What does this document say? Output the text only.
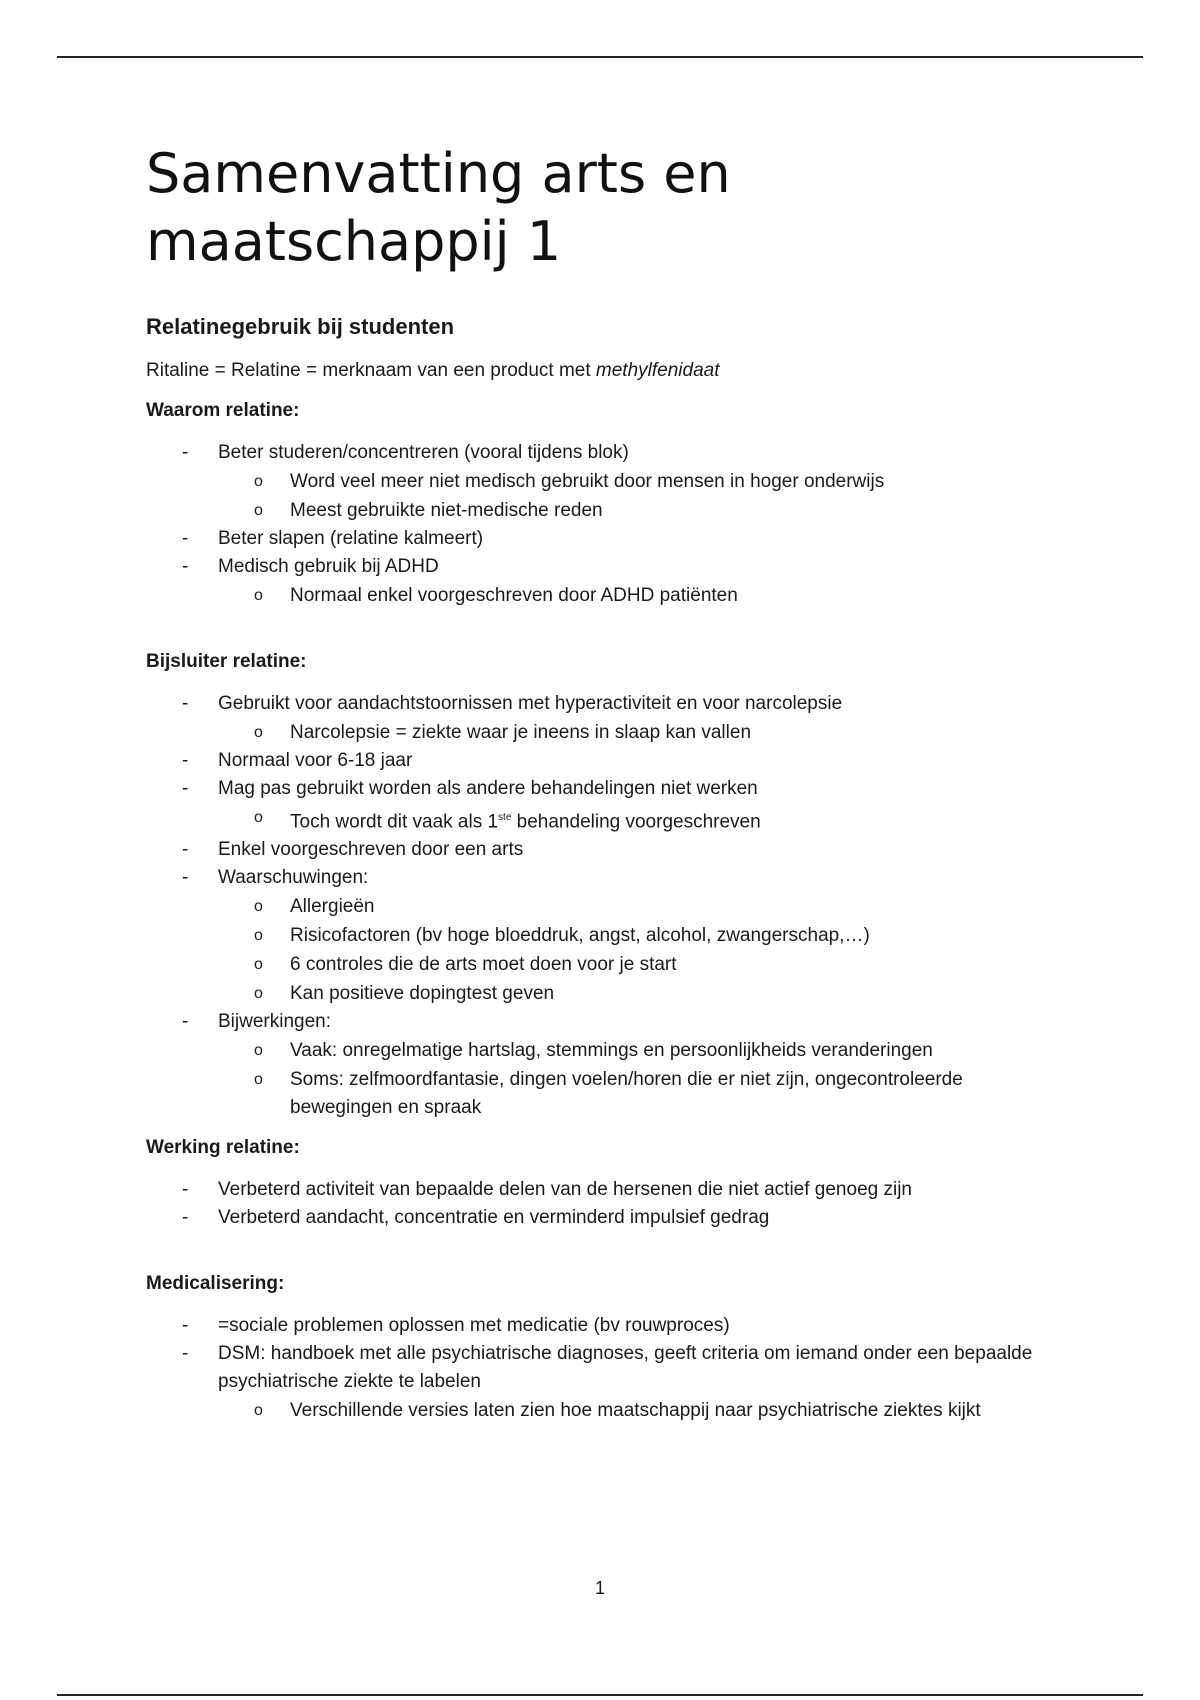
Samenvatting arts en
maatschappij 1
Relatinegebruik bij studenten

Ritaline = Relatine = merknaam van een product met methylfenidaat

Waarom relatine:
- Beter studeren/concentreren (vooral tijdens blok)
o Word veel meer niet medisch gebruikt door mensen in hoger onderwijs
o Meest gebruikte niet-medische reden
- Beter slapen (relatine kalmeert)
- Medisch gebruik bij ADHD
o Normaal enkel voorgeschreven door ADHD patiënten
Bijsluiter relatine:
- Gebruikt voor aandachtstoornissen met hyperactiviteit en voor narcolepsie
o Narcolepsie = ziekte waar je ineens in slaap kan vallen
- Normaal voor 6-18 jaar
- Mag pas gebruikt worden als andere behandelingen niet werken
o Toch wordt dit vaak als 1ste behandeling voorgeschreven
- Enkel voorgeschreven door een arts
- Waarschuwingen:
o Allergieën
o Risicofactoren (bv hoge bloeddruk, angst, alcohol, zwangerschap,…)
o 6 controles die de arts moet doen voor je start
o Kan positieve dopingtest geven
- Bijwerkingen:
o Vaak: onregelmatige hartslag, stemmings en persoonlijkheids veranderingen
o Soms: zelfmoordfantasie, dingen voelen/horen die er niet zijn, ongecontroleerde bewegingen en spraak
Werking relatine:
- Verbeterd activiteit van bepaalde delen van de hersenen die niet actief genoeg zijn
- Verbeterd aandacht, concentratie en verminderd impulsief gedrag
Medicalisering:
- =sociale problemen oplossen met medicatie (bv rouwproces)
- DSM: handboek met alle psychiatrische diagnoses, geeft criteria om iemand onder een bepaalde psychiatrische ziekte te labelen
o Verschillende versies laten zien hoe maatschappij naar psychiatrische ziektes kijkt
1
